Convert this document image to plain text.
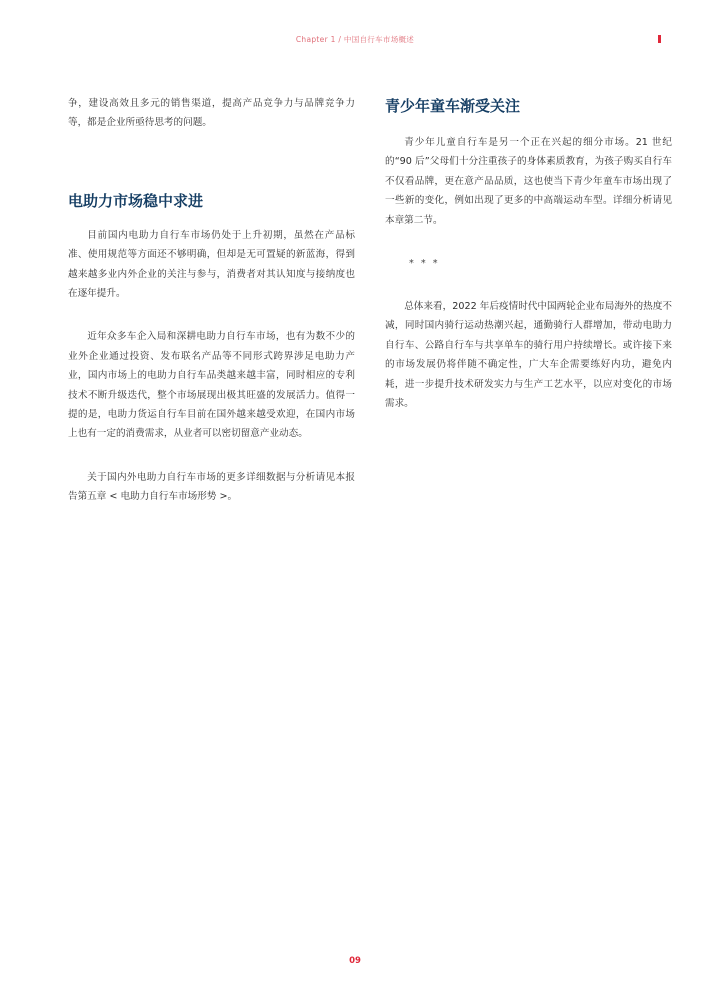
Chapter 1 / 中国自行车市场概述

争，建设高效且多元的销售渠道，提高产品竞争力与品牌竞争力等，都是企业所亟待思考的问题。

电助力市场稳中求进

目前国内电助力自行车市场仍处于上升初期，虽然在产品标准、使用规范等方面还不够明确，但却是无可置疑的新蓝海，得到越来越多业内外企业的关注与参与，消费者对其认知度与接纳度也在逐年提升。

近年众多车企入局和深耕电助力自行车市场，也有为数不少的业外企业通过投资、发布联名产品等不同形式跨界涉足电助力产业，国内市场上的电助力自行车品类越来越丰富，同时相应的专利技术不断升级迭代，整个市场展现出极其旺盛的发展活力。值得一提的是，电助力货运自行车目前在国外越来越受欢迎，在国内市场上也有一定的消费需求，从业者可以密切留意产业动态。

关于国内外电助力自行车市场的更多详细数据与分析请见本报告第五章 < 电助力自行车市场形势 >。

青少年童车渐受关注

青少年儿童自行车是另一个正在兴起的细分市场。21 世纪的“90 后”父母们十分注重孩子的身体素质教育，为孩子购买自行车不仅看品牌，更在意产品品质，这也使当下青少年童车市场出现了一些新的变化，例如出现了更多的中高端运动车型。详细分析请见本章第二节。

* * *

总体来看，2022 年后疫情时代中国两轮企业布局海外的热度不减，同时国内骑行运动热潮兴起，通勤骑行人群增加，带动电助力自行车、公路自行车与共享单车的骑行用户持续增长。或许接下来的市场发展仍将伴随不确定性，广大车企需要练好内功，避免内耗，进一步提升技术研发实力与生产工艺水平，以应对变化的市场需求。

09
